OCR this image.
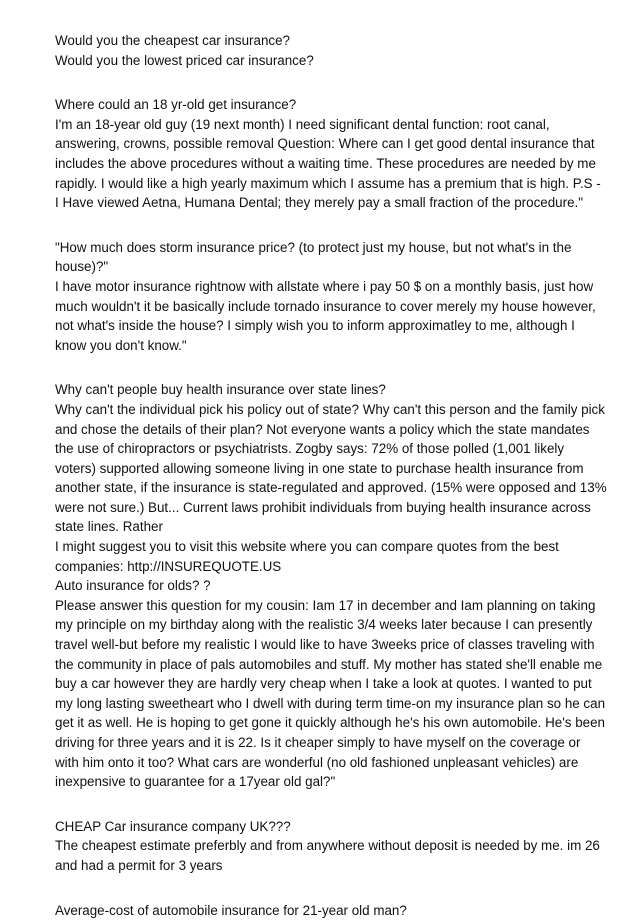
Would you the cheapest car insurance?
Would you the lowest priced car insurance?
Where could an 18 yr-old get insurance?
I'm an 18-year old guy (19 next month) I need significant dental function: root canal,
answering, crowns, possible removal Question: Where can I get good dental insurance that
includes the above procedures without a waiting time. These procedures are needed by me
rapidly. I would like a high yearly maximum which I assume has a premium that is high. P.S -
I Have viewed Aetna, Humana Dental; they merely pay a small fraction of the procedure."
"How much does storm insurance price? (to protect just my house, but not what's in the
house)?"
I have motor insurance rightnow with allstate where i pay 50 $ on a monthly basis, just how
much wouldn't it be basically include tornado insurance to cover merely my house however,
not what's inside the house? I simply wish you to inform approximatley to me, although I
know you don't know."
Why can't people buy health insurance over state lines?
Why can't the individual pick his policy out of state? Why can't this person and the family pick
and chose the details of their plan? Not everyone wants a policy which the state mandates
the use of chiropractors or psychiatrists. Zogby says: 72% of those polled (1,001 likely
voters) supported allowing someone living in one state to purchase health insurance from
another state, if the insurance is state-regulated and approved. (15% were opposed and 13%
were not sure.) But... Current laws prohibit individuals from buying health insurance across
state lines. Rather
I might suggest you to visit this website where you can compare quotes from the best
companies: http://INSUREQUOTE.US
Auto insurance for olds? ?
Please answer this question for my cousin: Iam 17 in december and Iam planning on taking
my principle on my birthday along with the realistic 3/4 weeks later because I can presently
travel well-but before my realistic I would like to have 3weeks price of classes traveling with
the community in place of pals automobiles and stuff. My mother has stated she'll enable me
buy a car however they are hardly very cheap when I take a look at quotes. I wanted to put
my long lasting sweetheart who I dwell with during term time-on my insurance plan so he can
get it as well. He is hoping to get gone it quickly although he's his own automobile. He's been
driving for three years and it is 22. Is it cheaper simply to have myself on the coverage or
with him onto it too? What cars are wonderful (no old fashioned unpleasant vehicles) are
inexpensive to guarantee for a 17year old gal?"
CHEAP Car insurance company UK???
The cheapest estimate preferbly and from anywhere without deposit is needed by me. im 26
and had a permit for 3 years
Average-cost of automobile insurance for 21-year old man?
